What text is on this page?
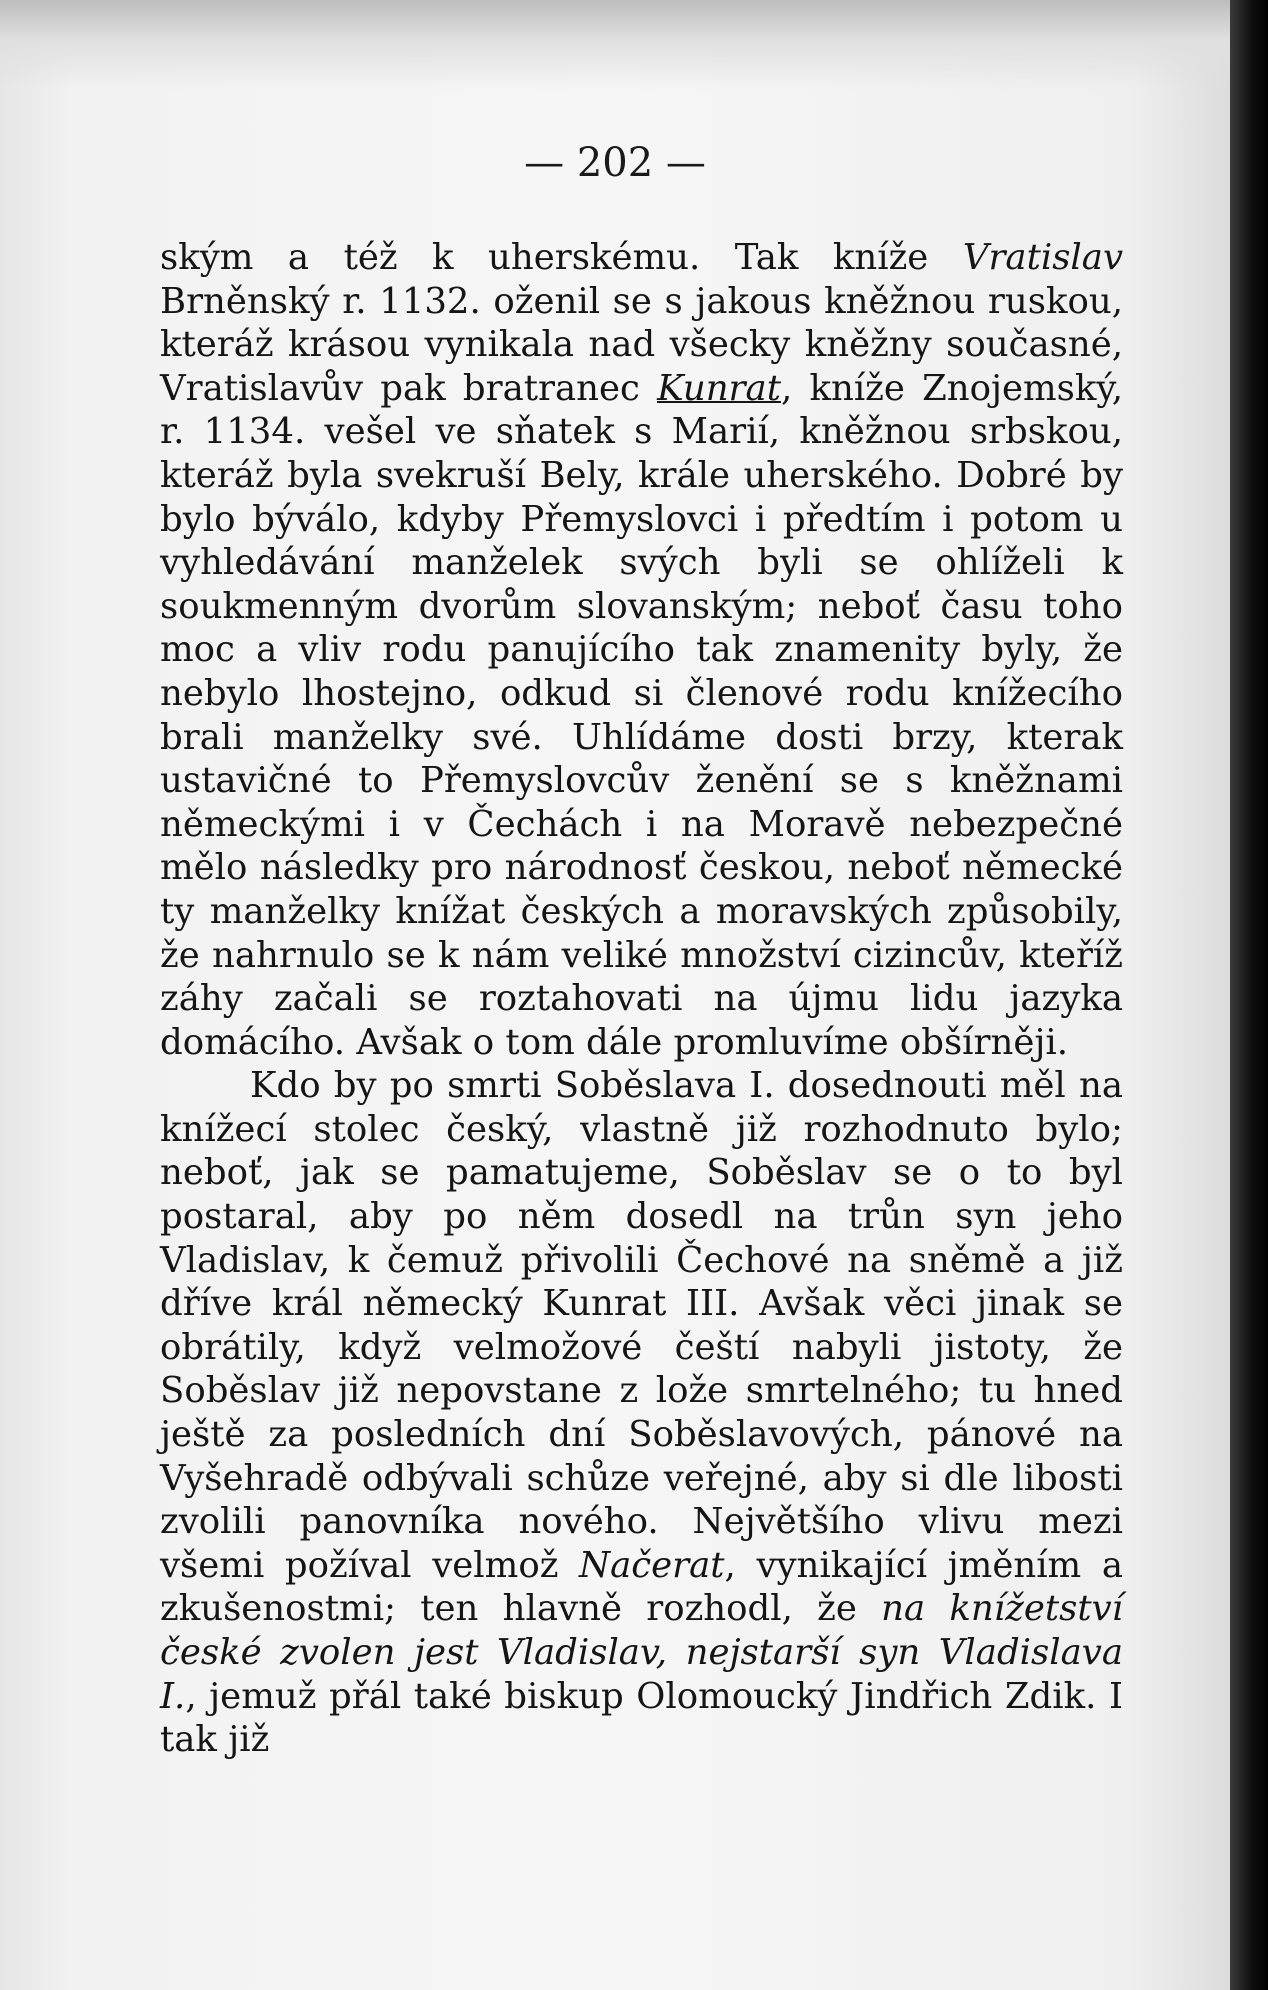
— 202 —

ským a též k uherskému. Tak kníže Vratislav Brněnský r. 1132. oženil se s jakous kněžnou ruskou, kteráž krásou vynikala nad všecky kněžny současné, Vratislavův pak bratranec Kunrat, kníže Znojemský, r. 1134. vešel ve sňatek s Marií, kněžnou srbskou, kteráž byla svekruší Bely, krále uherského. Dobré by bylo býválo, kdyby Přemyslovci i předtím i potom u vyhledávání manželek svých byli se ohlíželi k soukmenným dvorům slovanským; neboť času toho moc a vliv rodu panujícího tak znamenity byly, že nebylo lhostejno, odkud si členové rodu knížecího brali manželky své. Uhlídáme dosti brzy, kterak ustavičné to Přemyslovcův ženění se s kněžnami německými i v Čechách i na Moravě nebezpečné mělo následky pro národnosť českou, neboť německé ty manželky knížat českých a moravských způsobily, že nahrnulo se k nám veliké množství cizincův, kteříž záhy začali se roztahovati na újmu lidu jazyka domácího. Avšak o tom dále promluvíme obšírněji.

Kdo by po smrti Soběslava I. dosednouti měl na knížecí stolec český, vlastně již rozhodnuto bylo; neboť, jak se pamatujeme, Soběslav se o to byl postaral, aby po něm dosedl na trůn syn jeho Vladislav, k čemuž přivolili Čechové na sněmě a již dříve král německý Kunrat III. Avšak věci jinak se obrátily, když velmožové čeští nabyli jistoty, že Soběslav již nepovstane z lože smrtelného; tu hned ještě za posledních dní Soběslavových, pánové na Vyšehradě odbývali schůze veřejné, aby si dle libosti zvolili panovníka nového. Největšího vlivu mezi všemi požíval velmož Načerat, vynikající jměním a zkušenostmi; ten hlavně rozhodl, že na knížetství české zvolen jest Vladislav, nejstarší syn Vladislava I., jemuž přál také biskup Olomoucký Jindřich Zdik. I tak již
